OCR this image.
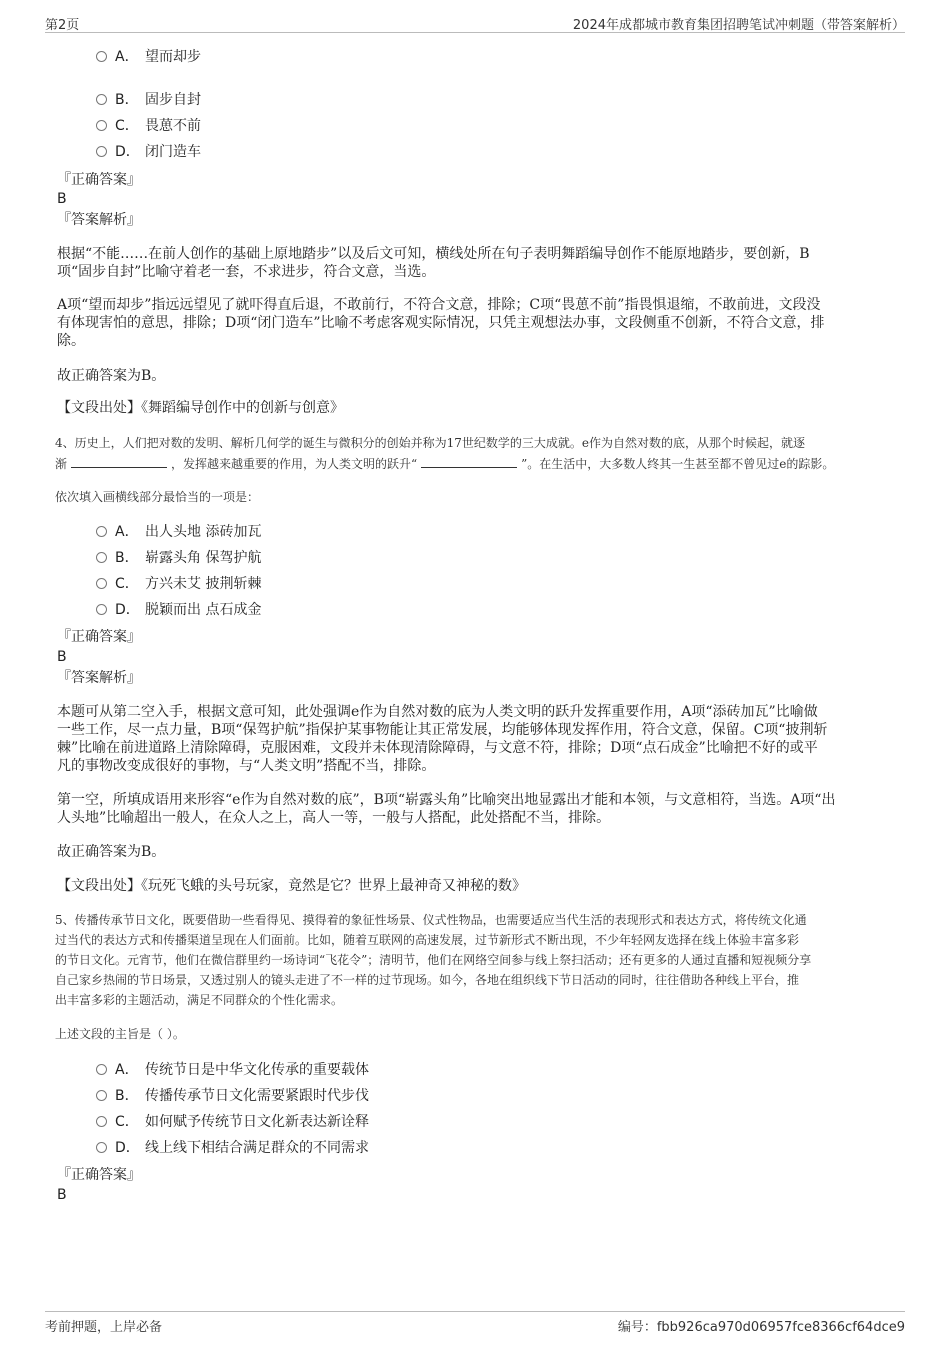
第2页	2024年成都城市教育集团招聘笔试冲刺题（带答案解析）
A． 望而却步
B． 固步自封
C． 畏葸不前
D． 闭门造车
『正确答案』
B
『答案解析』
根据“不能……在前人创作的基础上原地踏步”以及后文可知，横线处所在句子表明舞蹈编导创作不能原地踏步，要创新，B
项“固步自封”比喻守着老一套，不求进步，符合文意，当选。
A项“望而却步”指远远望见了就吓得直后退，不敢前行，不符合文意，排除；C项“畏葸不前”指畏惧退缩，不敢前进，文段没
有体现害怕的意思，排除；D项“闭门造车”比喻不考虑客观实际情况，只凭主观想法办事，文段侧重不创新，不符合文意，排
除。
故正确答案为B。
【文段出处】《舞蹈编导创作中的创新与创意》
4、历史上，人们把对数的发明、解析几何学的诞生与微积分的创始并称为17世纪数学的三大成就。e作为自然对数的底，从那个时候起，就逐
渐	，发挥越来越重要的作用，为人类文明的跃升“	”。在生活中，大多数人终其一生甚至都不曾见过e的踪影。
依次填入画横线部分最恰当的一项是：
A． 出人头地 添砖加瓦
B． 崭露头角 保驾护航
C． 方兴未艾 披荆斩棘
D． 脱颖而出 点石成金
『正确答案』
B
『答案解析』
本题可从第二空入手，根据文意可知，此处强调e作为自然对数的底为人类文明的跃升发挥重要作用，A项“添砖加瓦”比喻做
一些工作，尽一点力量，B项“保驾护航”指保护某事物能让其正常发展，均能够体现发挥作用，符合文意，保留。C项“披荆斩
棘”比喻在前进道路上清除障碍，克服困难，文段并未体现清除障碍，与文意不符，排除；D项“点石成金”比喻把不好的或平
凡的事物改变成很好的事物，与“人类文明”搭配不当，排除。
第一空，所填成语用来形容“e作为自然对数的底”，B项“崭露头角”比喻突出地显露出才能和本领，与文意相符，当选。A项“出
人头地”比喻超出一般人，在众人之上，高人一等，一般与人搭配，此处搭配不当，排除。
故正确答案为B。
【文段出处】《玩死飞蛾的头号玩家，竟然是它？世界上最神奇又神秘的数》
5、传播传承节日文化，既要借助一些看得见、摸得着的象征性场景、仪式性物品，也需要适应当代生活的表现形式和表达方式，将传统文化通
过当代的表达方式和传播渠道呈现在人们面前。比如，随着互联网的高速发展，过节新形式不断出现，不少年轻网友选择在线上体验丰富多彩
的节日文化。元宵节，他们在微信群里约一场诗词“飞花令”；清明节，他们在网络空间参与线上祭扫活动；还有更多的人通过直播和短视频分享
自己家乡热闹的节日场景，又透过别人的镜头走进了不一样的过节现场。如今，各地在组织线下节日活动的同时，往往借助各种线上平台，推
出丰富多彩的主题活动，满足不同群众的个性化需求。
上述文段的主旨是（ ）。
A． 传统节日是中华文化传承的重要载体
B． 传播传承节日文化需要紧跟时代步伐
C． 如何赋予传统节日文化新表达新诠释
D． 线上线下相结合满足群众的不同需求
『正确答案』
B
考前押题，上岸必备	编号：fbb926ca970d06957fce8366cf64dce9
